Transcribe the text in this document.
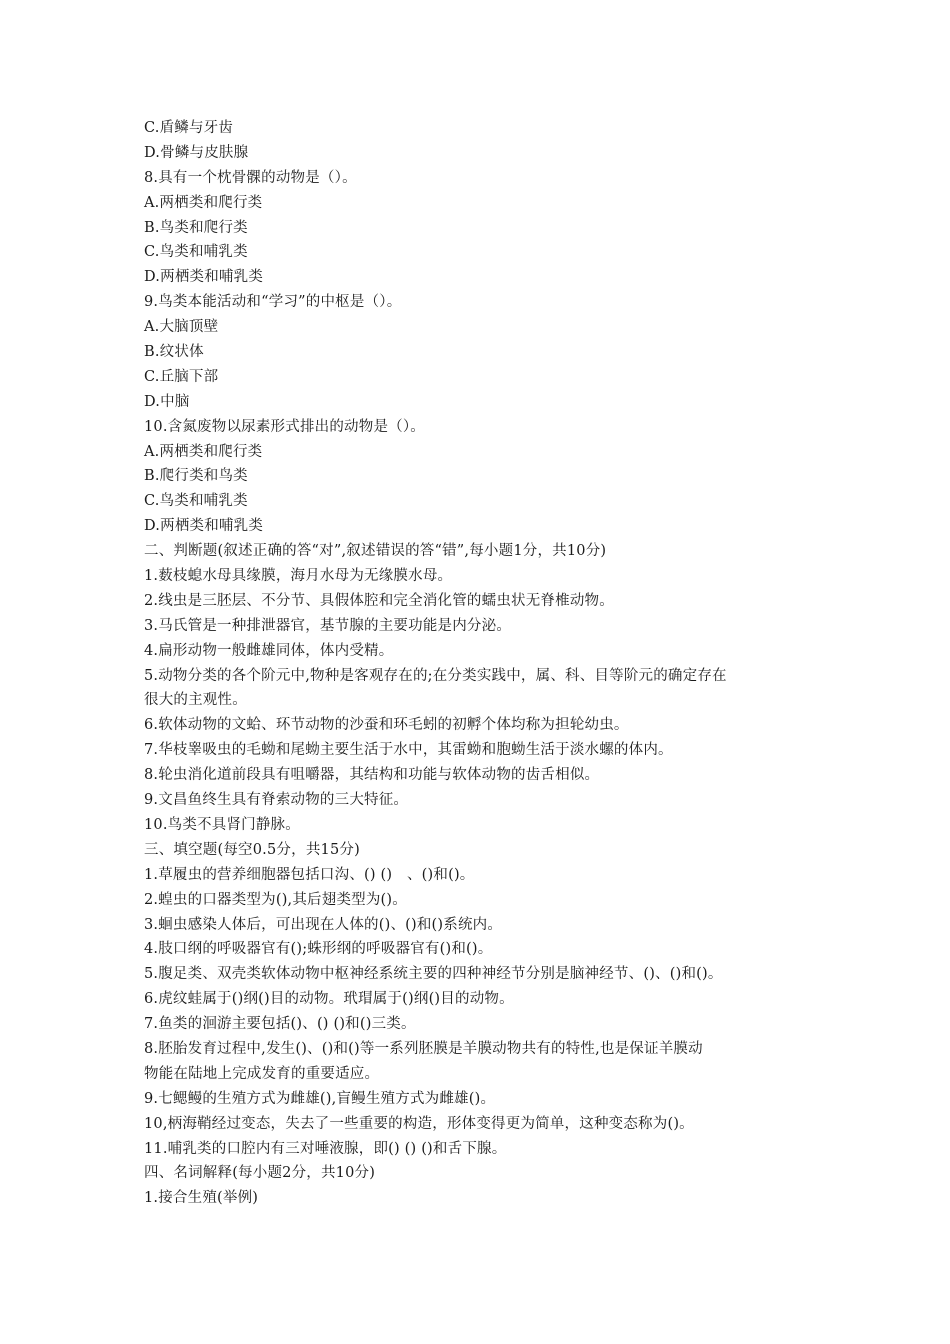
C.盾鳞与牙齿
D.骨鳞与皮肤腺
8.具有一个枕骨髁的动物是（）。
A.两栖类和爬行类
B.鸟类和爬行类
C.鸟类和哺乳类
D.两栖类和哺乳类
9.鸟类本能活动和“学习”的中枢是（）。
A.大脑顶壁
B.纹状体
C.丘脑下部
D.中脑
10.含氮废物以尿素形式排出的动物是（）。
A.两栖类和爬行类
B.爬行类和鸟类
C.鸟类和哺乳类
D.两栖类和哺乳类
二、判断题(叙述正确的答“对”,叙述错误的答“错”,每小题1分，共10分)
1.薮枝螅水母具缘膜，海月水母为无缘膜水母。
2.线虫是三胚层、不分节、具假体腔和完全消化管的蠕虫状无脊椎动物。
3.马氏管是一种排泄器官，基节腺的主要功能是内分泌。
4.扁形动物一般雌雄同体，体内受精。
5.动物分类的各个阶元中,物种是客观存在的;在分类实践中，属、科、目等阶元的确定存在
很大的主观性。
6.软体动物的文蛤、环节动物的沙蚕和环毛蚓的初孵个体均称为担轮幼虫。
7.华枝睾吸虫的毛蚴和尾蚴主要生活于水中，其雷蚴和胞蚴生活于淡水螺的体内。
8.轮虫消化道前段具有咀嚼器，其结构和功能与软体动物的齿舌相似。
9.文昌鱼终生具有脊索动物的三大特征。
10.鸟类不具肾门静脉。
三、填空题(每空0.5分，共15分)
1.草履虫的营养细胞器包括口沟、() ()　、()和()。
2.蝗虫的口器类型为(),其后翅类型为()。
3.蛔虫感染人体后，可出现在人体的()、()和()系统内。
4.肢口纲的呼吸器官有();蛛形纲的呼吸器官有()和()。
5.腹足类、双壳类软体动物中枢神经系统主要的四种神经节分别是脑神经节、()、()和()。
6.虎纹蛙属于()纲()目的动物。玳瑁属于()纲()目的动物。
7.鱼类的洄游主要包括()、() ()和()三类。
8.胚胎发育过程中,发生()、()和()等一系列胚膜是羊膜动物共有的特性,也是保证羊膜动
物能在陆地上完成发育的重要适应。
9.七鳃鳗的生殖方式为雌雄(),盲鳗生殖方式为雌雄()。
10,柄海鞘经过变态，失去了一些重要的构造，形体变得更为简单，这种变态称为()。
11.哺乳类的口腔内有三对唾液腺，即() () ()和舌下腺。
四、名词解释(每小题2分，共10分)
1.接合生殖(举例)
